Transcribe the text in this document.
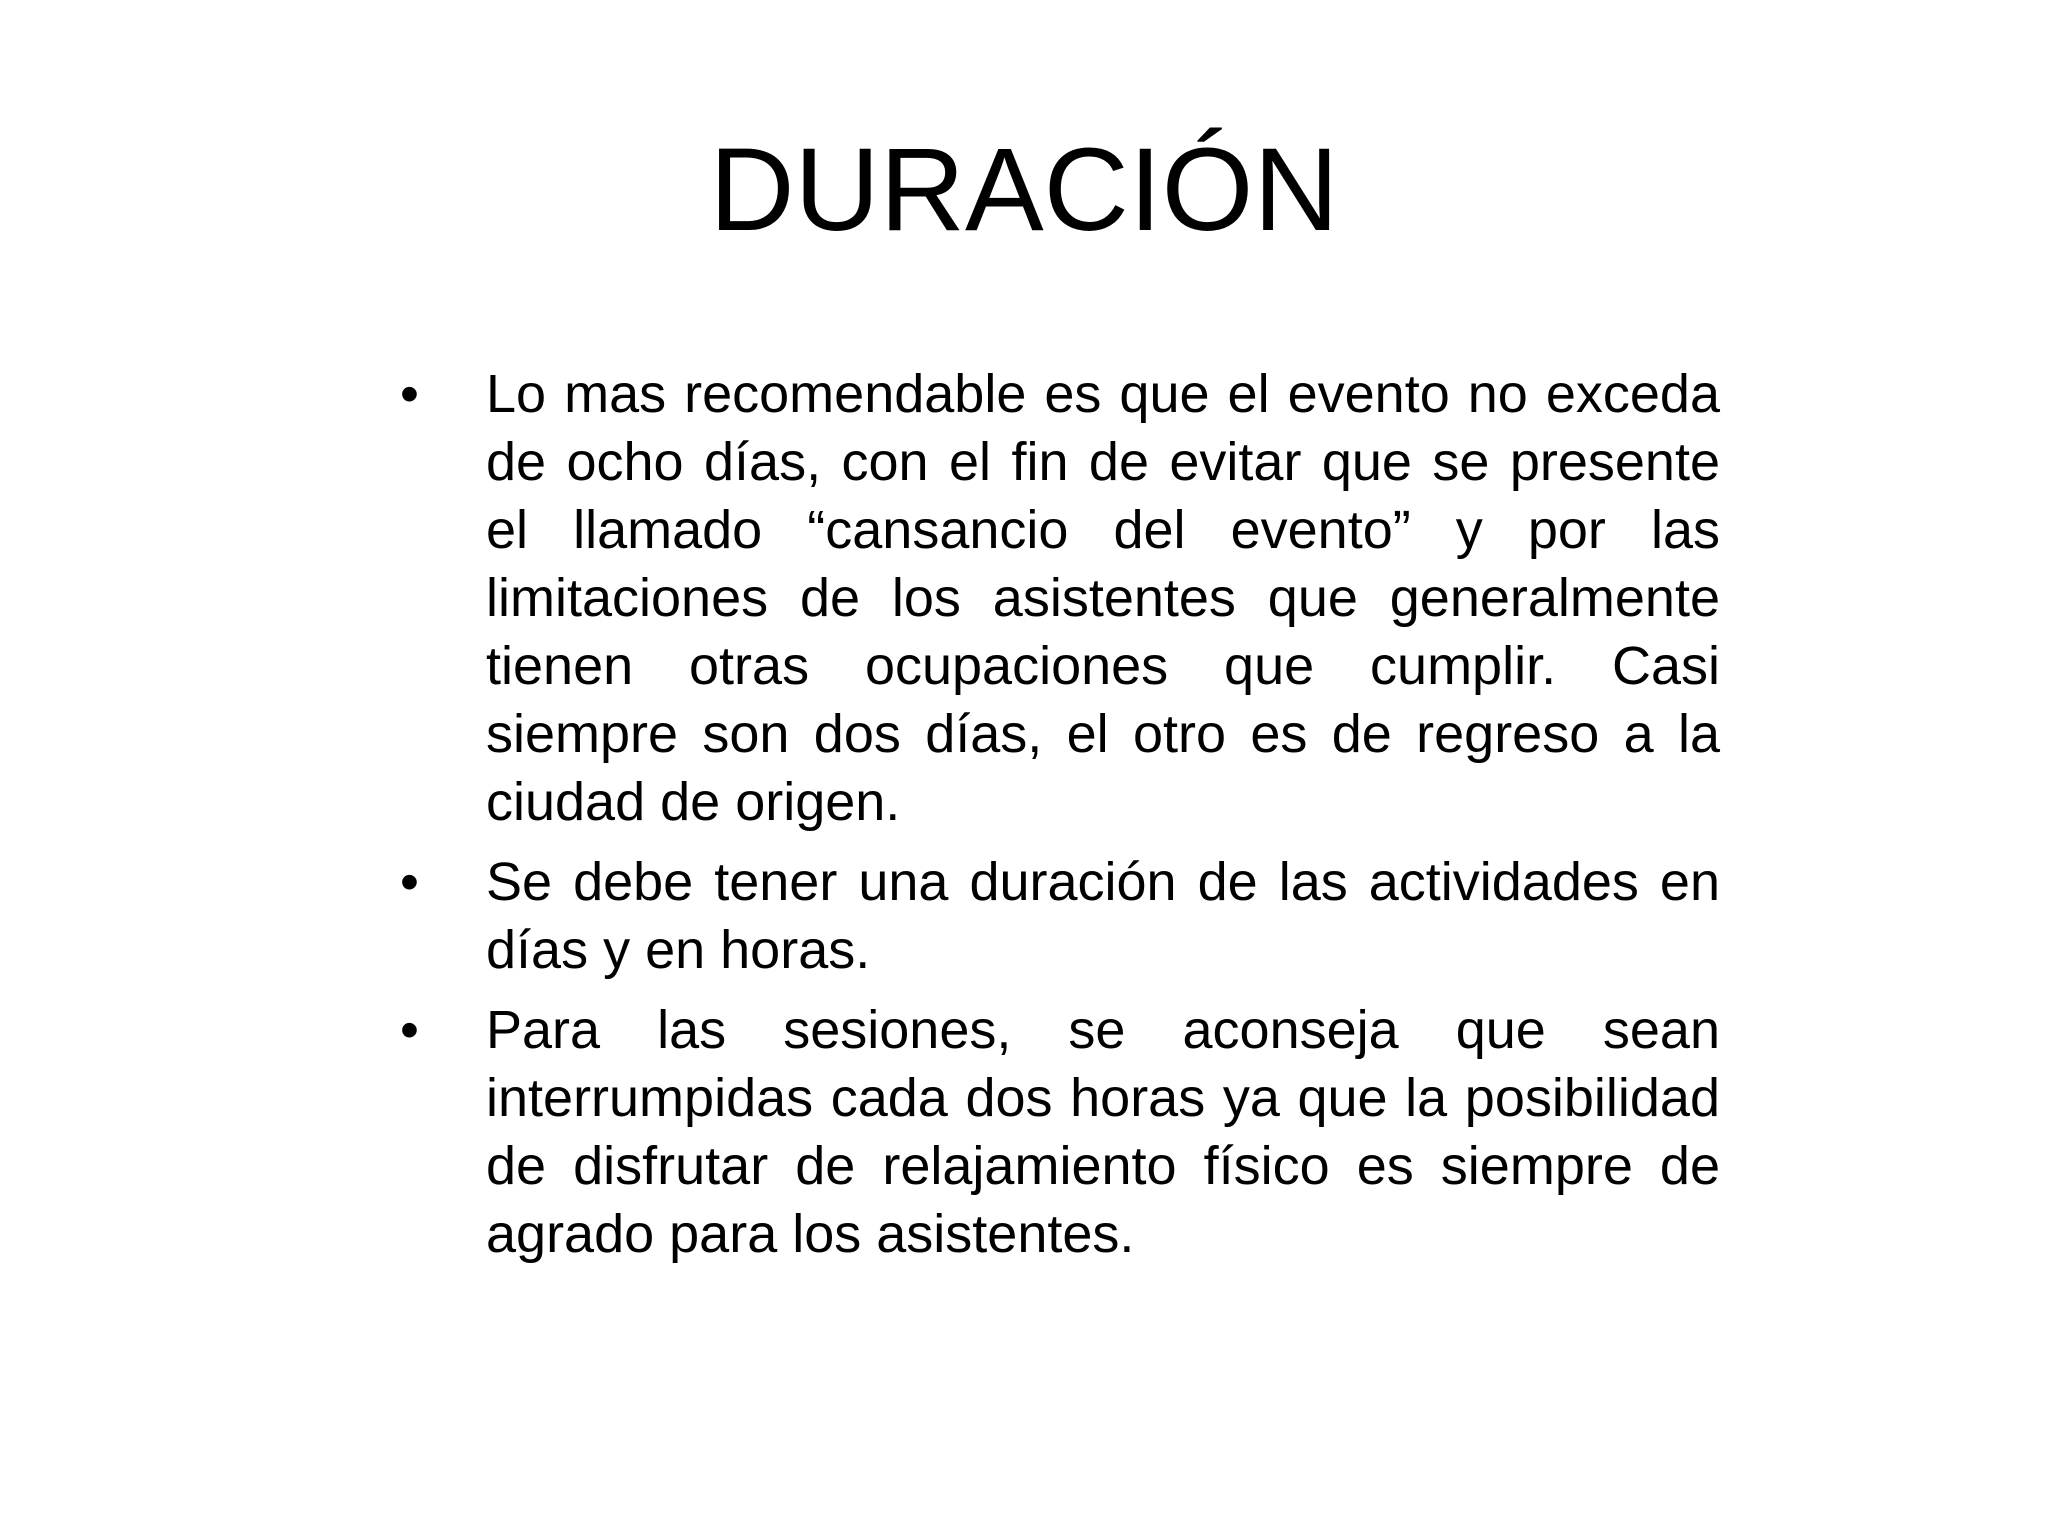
DURACIÓN
• Lo mas recomendable es que el evento no exceda de ocho días, con el fin de evitar que se presente el llamado “cansancio del evento” y por las limitaciones de los asistentes que generalmente tienen otras ocupaciones que cumplir. Casi siempre son dos días, el otro es de regreso a la ciudad de origen.
• Se debe tener una duración de las actividades en días y en horas.
• Para las sesiones, se aconseja que sean interrumpidas cada dos horas ya que la posibilidad de disfrutar de relajamiento físico es siempre de agrado para los asistentes.
